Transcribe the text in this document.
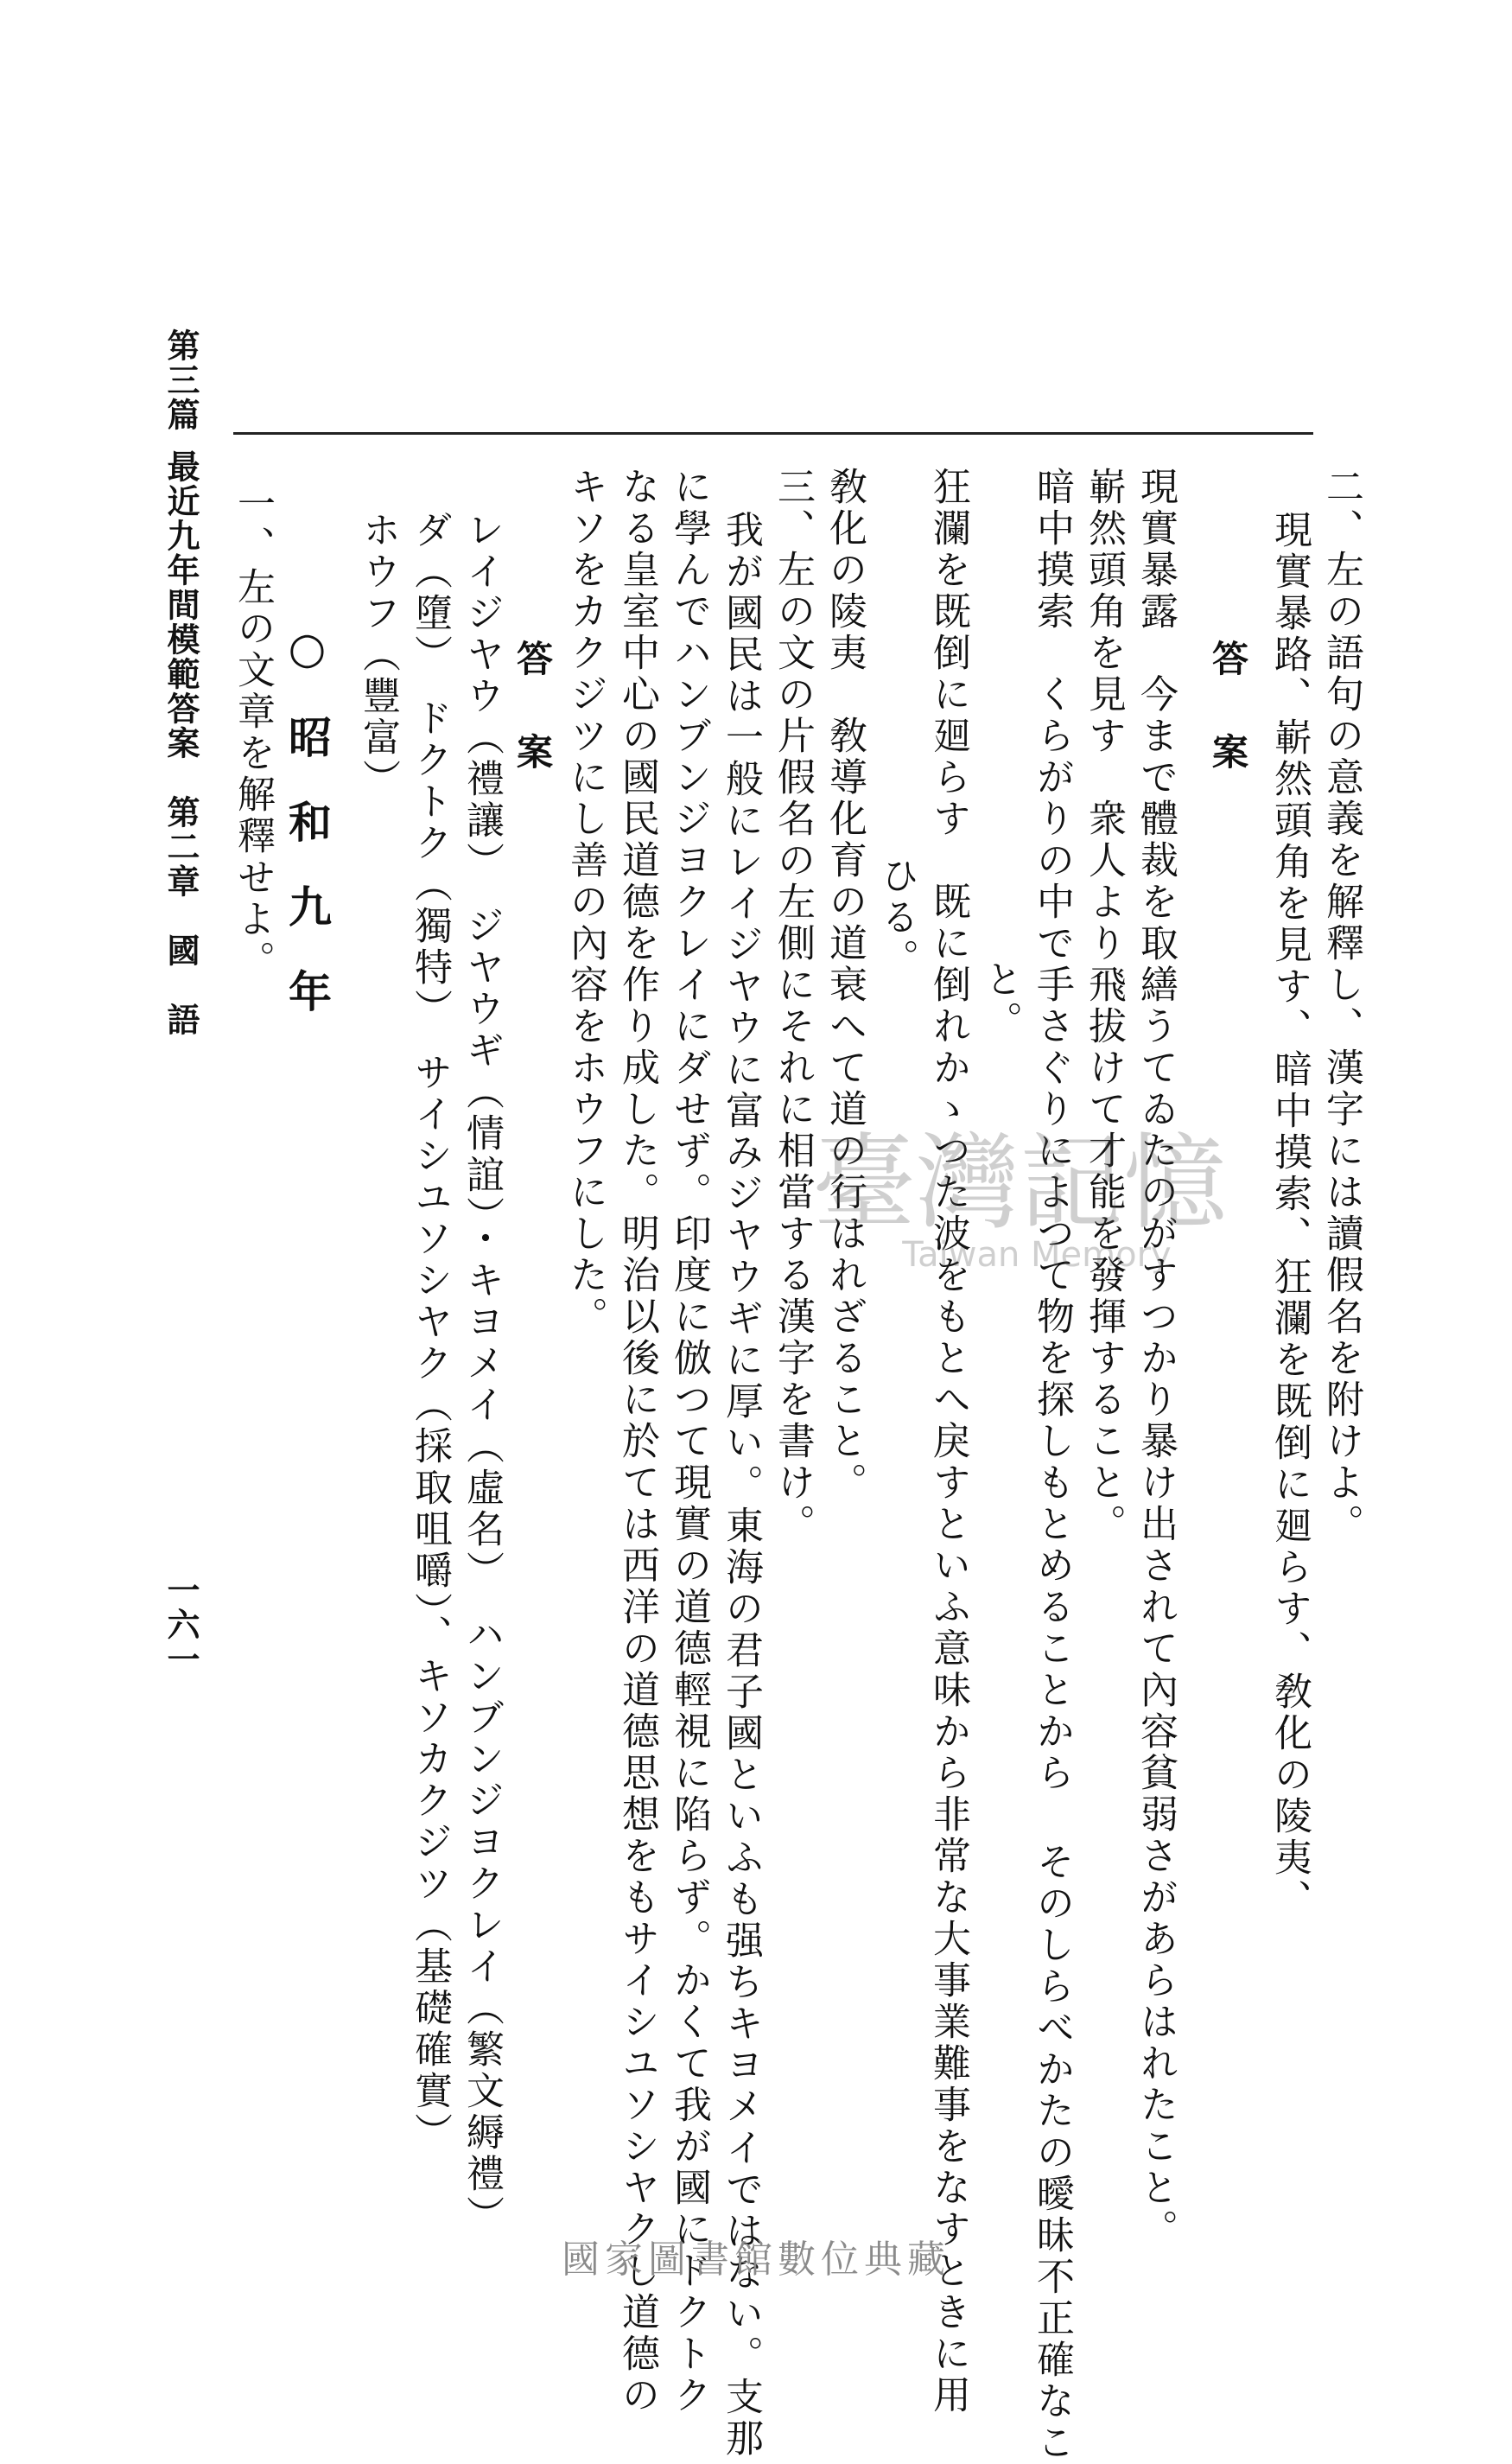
第三篇
最近九年間模範答案　第二章　國　語
一六一
二、左の語句の意義を解釋し、漢字には讀假名を附けよ。
現實暴路、嶄然頭角を見す、暗中摸索、狂瀾を既倒に廻らす、敎化の陵夷、
答　案
現實暴露　今まで體裁を取繕うてゐたのがすつかり暴け出されて內容貧弱さがあらはれたこと。
嶄然頭角を見す　衆人より飛拔けて才能を發揮すること。
暗中摸索　くらがりの中で手さぐりによつて物を探しもとめることから そのしらべかたの曖昧不正確なこ
と。
狂瀾を既倒に廻らす　既に倒れかゝつた波をもとへ戾すといふ意味から非常な大事業難事をなすときに用
ひる。
敎化の陵夷　敎導化育の道衰へて道の行はれざること。
三、左の文の片假名の左側にそれに相當する漢字を書け。
我が國民は一般にレイジヤウに富みジヤウギに厚い。東海の君子國といふも强ちキヨメイではない。支那
に學んでハンブンジヨクレイにダせず。印度に倣つて現實の道德輕視に陷らず。かくて我が國にドクトク
なる皇室中心の國民道德を作り成した。明治以後に於ては西洋の道德思想をもサイシユソシヤクし道德の
キソをカクジツにし善の內容をホウフにした。
答　案
レイジヤウ（禮讓）　ジヤウギ（情誼）・キヨメイ（虛名）　ハンブンジヨクレイ（繁文縟禮）
ダ（墮）　ドクトク（獨特）　サイシユソシヤク（採取咀嚼）、キソカクジツ（基礎確實）
ホウフ（豐富）
○昭和九年
一、左の文章を解釋せよ。
臺灣記憶
Taiwan Memory
國家圖書館數位典藏
